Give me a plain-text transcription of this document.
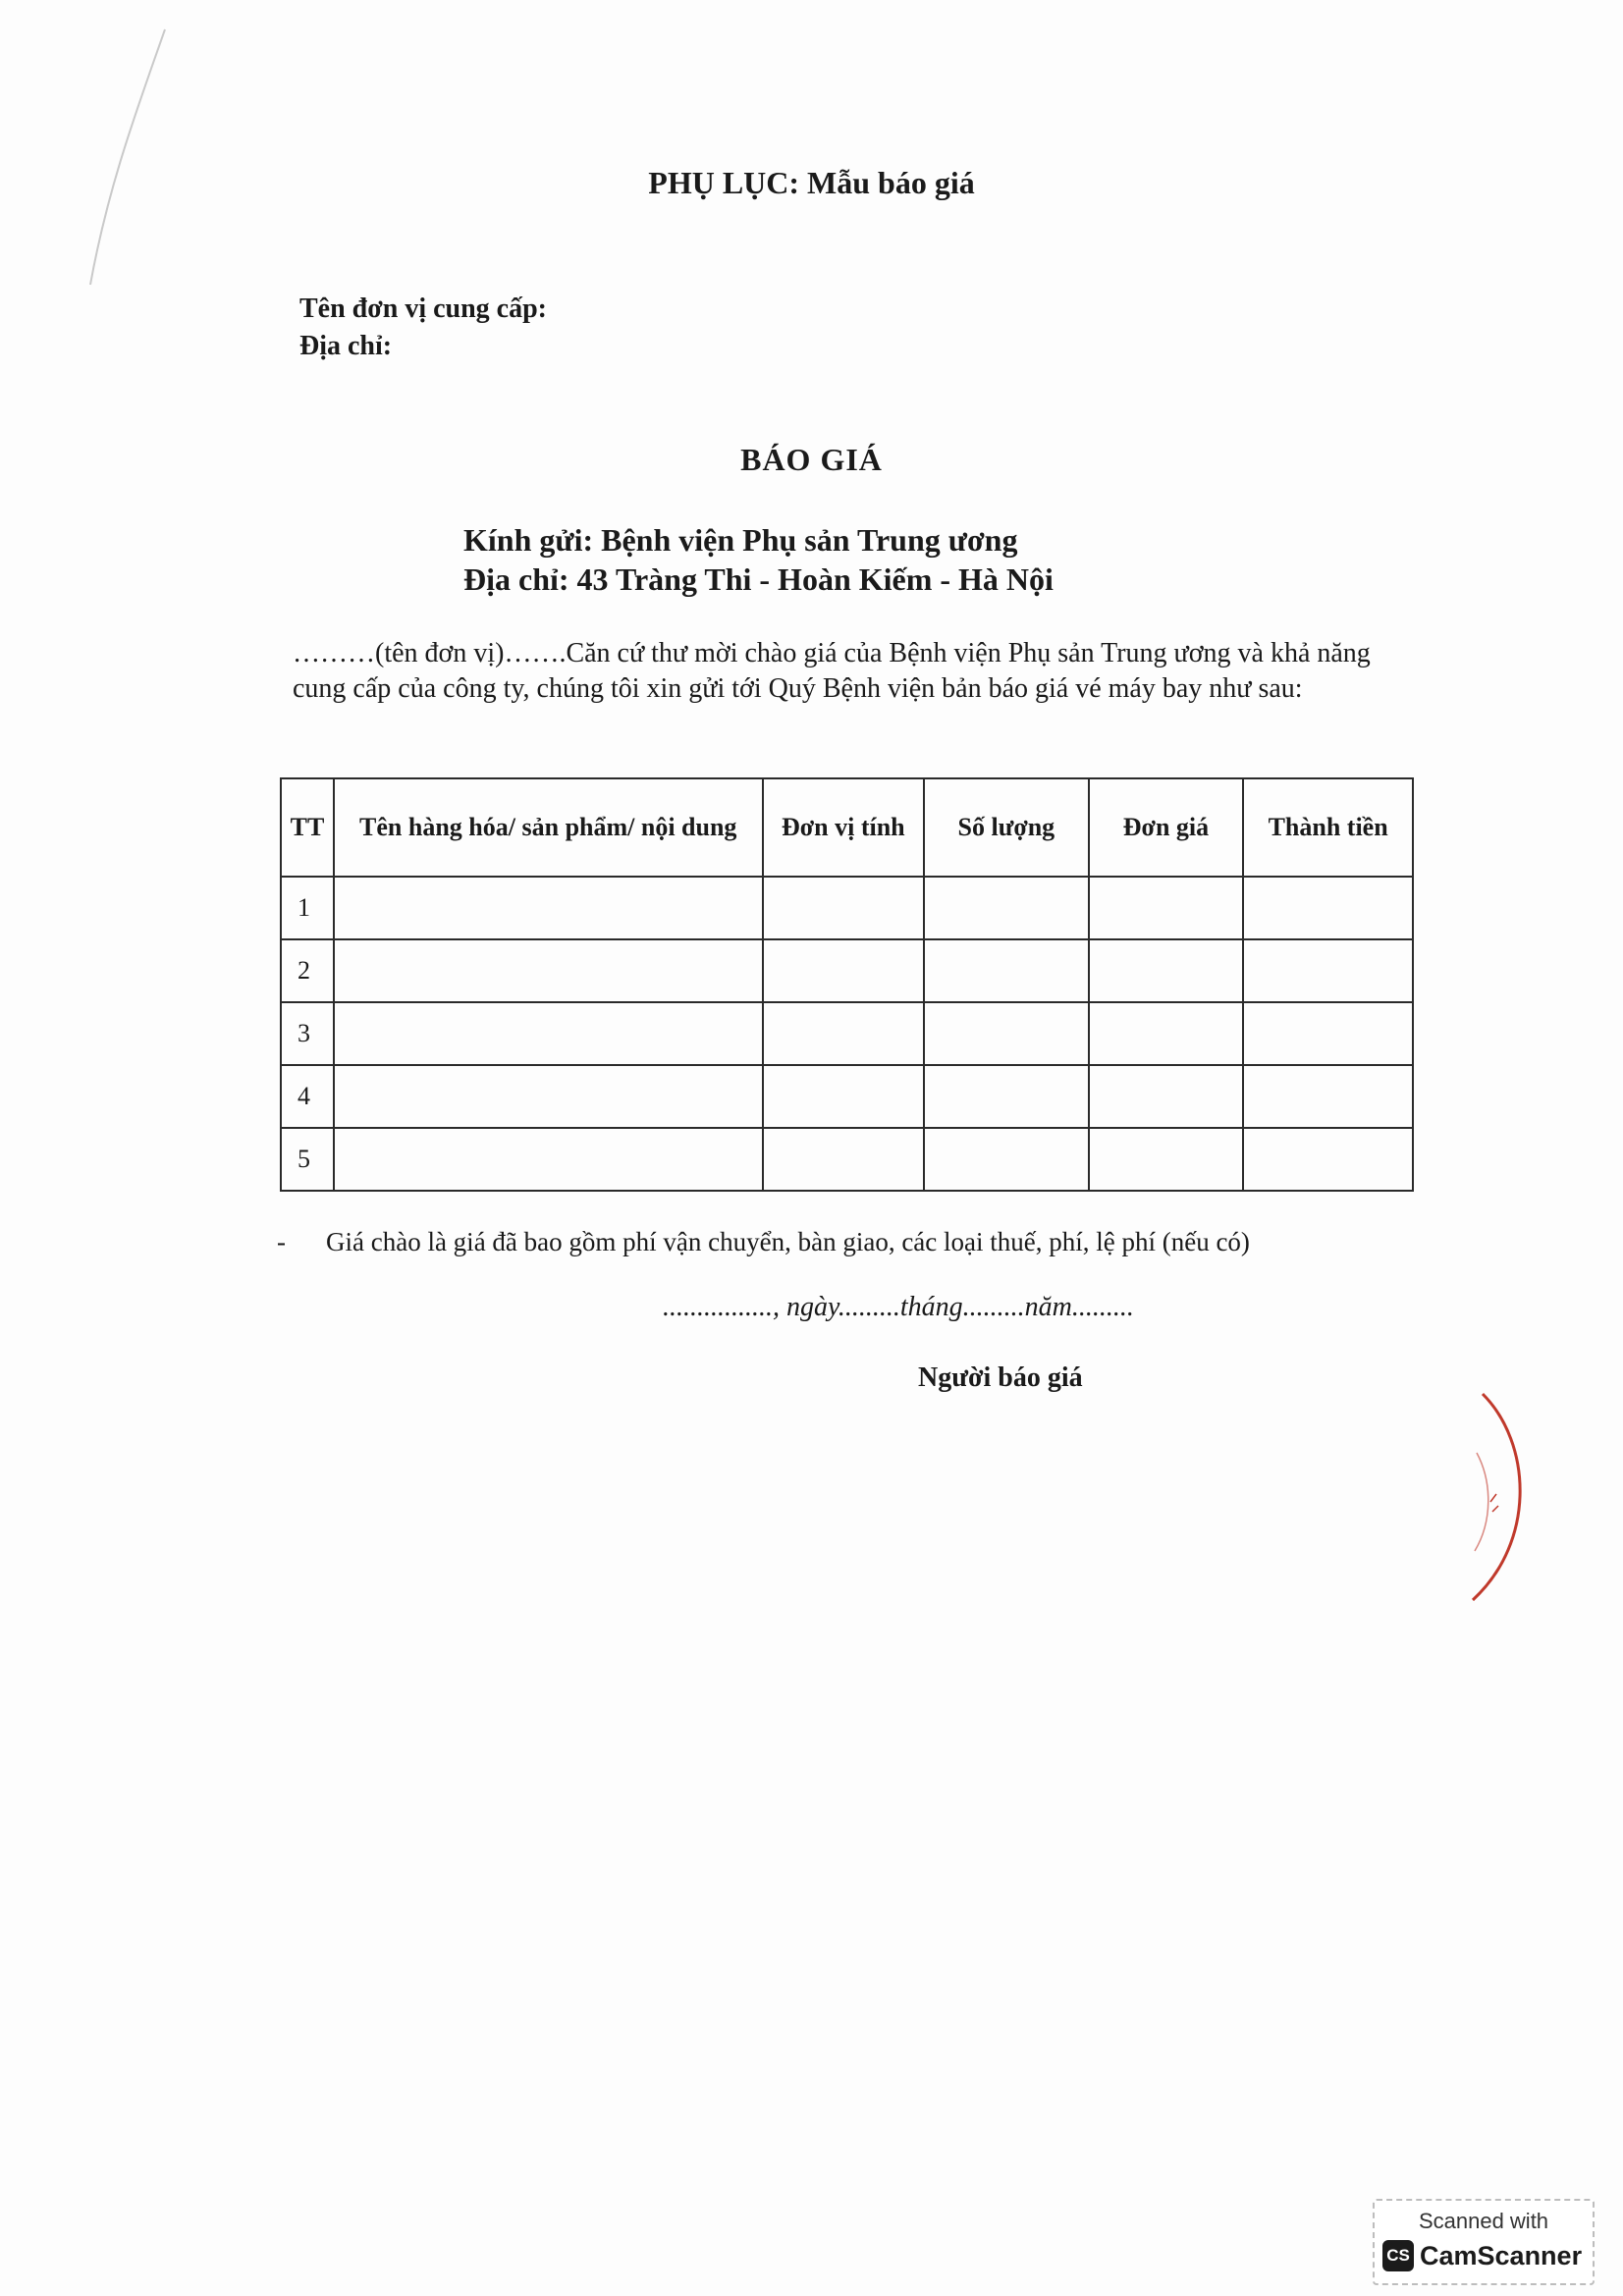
PHỤ LỤC: Mẫu báo giá
Tên đơn vị cung cấp:
Địa chỉ:
BÁO GIÁ
Kính gửi: Bệnh viện Phụ sản Trung ương
Địa chỉ: 43 Tràng Thi - Hoàn Kiếm - Hà Nội
………(tên đơn vị)…….Căn cứ thư mời chào giá của Bệnh viện Phụ sản Trung ương và khả năng cung cấp của công ty, chúng tôi xin gửi tới Quý Bệnh viện bản báo giá vé máy bay như sau:
TT	Tên hàng hóa/ sản phẩm/ nội dung	Đơn vị tính	Số lượng	Đơn giá	Thành tiền
1					
2					
3					
4					
5					
- Giá chào là giá đã bao gồm phí vận chuyển, bàn giao, các loại thuế, phí, lệ phí (nếu có)
................, ngày.........tháng.........năm.........
Người báo giá
Scanned with
CS CamScanner
